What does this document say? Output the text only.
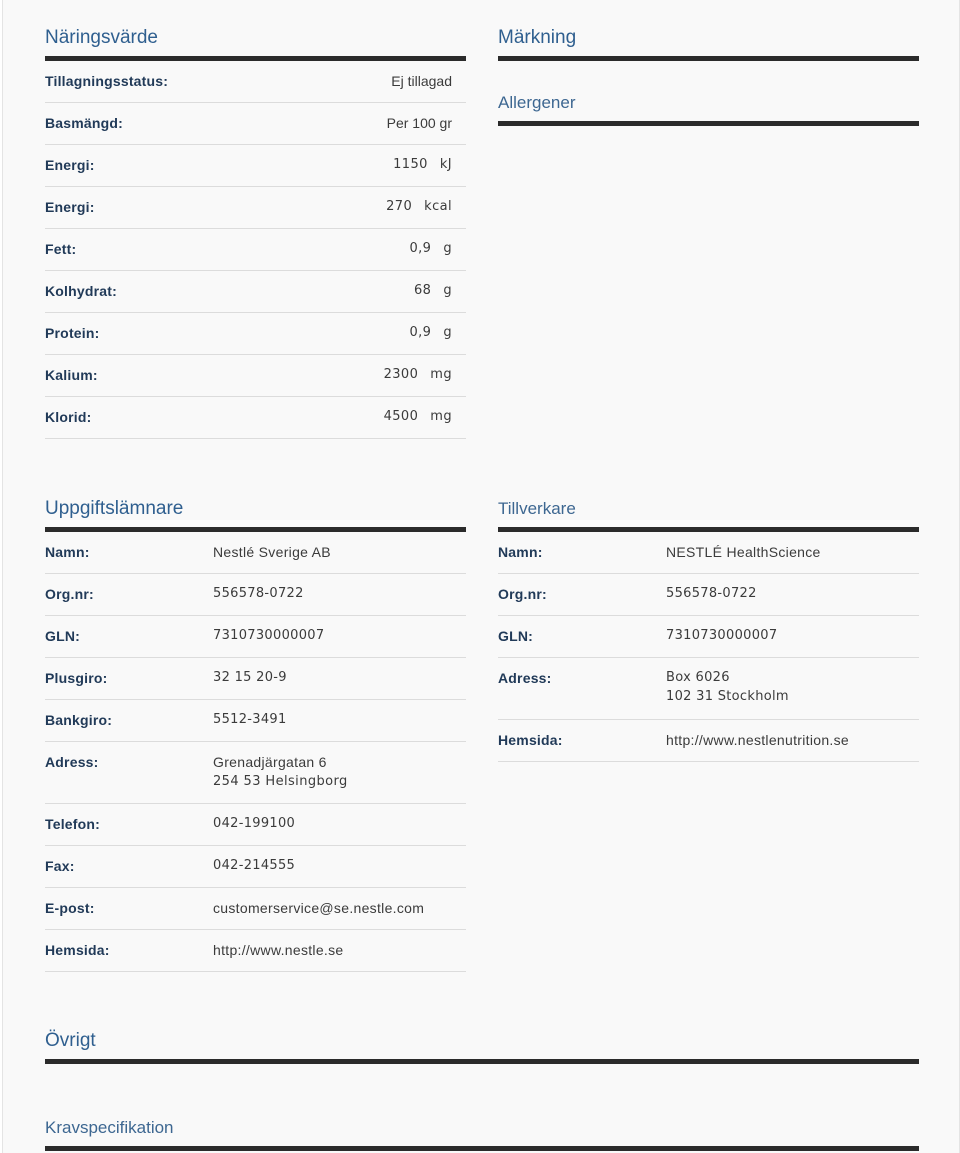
Näringsvärde
Tillagningsstatus:	Ej tillagad
Basmängd:	Per 100 gr
Energi:	1150 kJ
Energi:	270 kcal
Fett:	0,9 g
Kolhydrat:	68 g
Protein:	0,9 g
Kalium:	2300 mg
Klorid:	4500 mg
Märkning
Allergener
Uppgiftslämnare
Namn:	Nestlé Sverige AB
Org.nr:	556578-0722
GLN:	7310730000007
Plusgiro:	32 15 20-9
Bankgiro:	5512-3491
Adress:	Grenadjärgatan 6
254 53 Helsingborg
Telefon:	042-199100
Fax:	042-214555
E-post:	customerservice@se.nestle.com
Hemsida:	http://www.nestle.se
Tillverkare
Namn:	NESTLÉ HealthScience
Org.nr:	556578-0722
GLN:	7310730000007
Adress:	Box 6026
102 31 Stockholm
Hemsida:	http://www.nestlenutrition.se
Övrigt
Kravspecifikation
